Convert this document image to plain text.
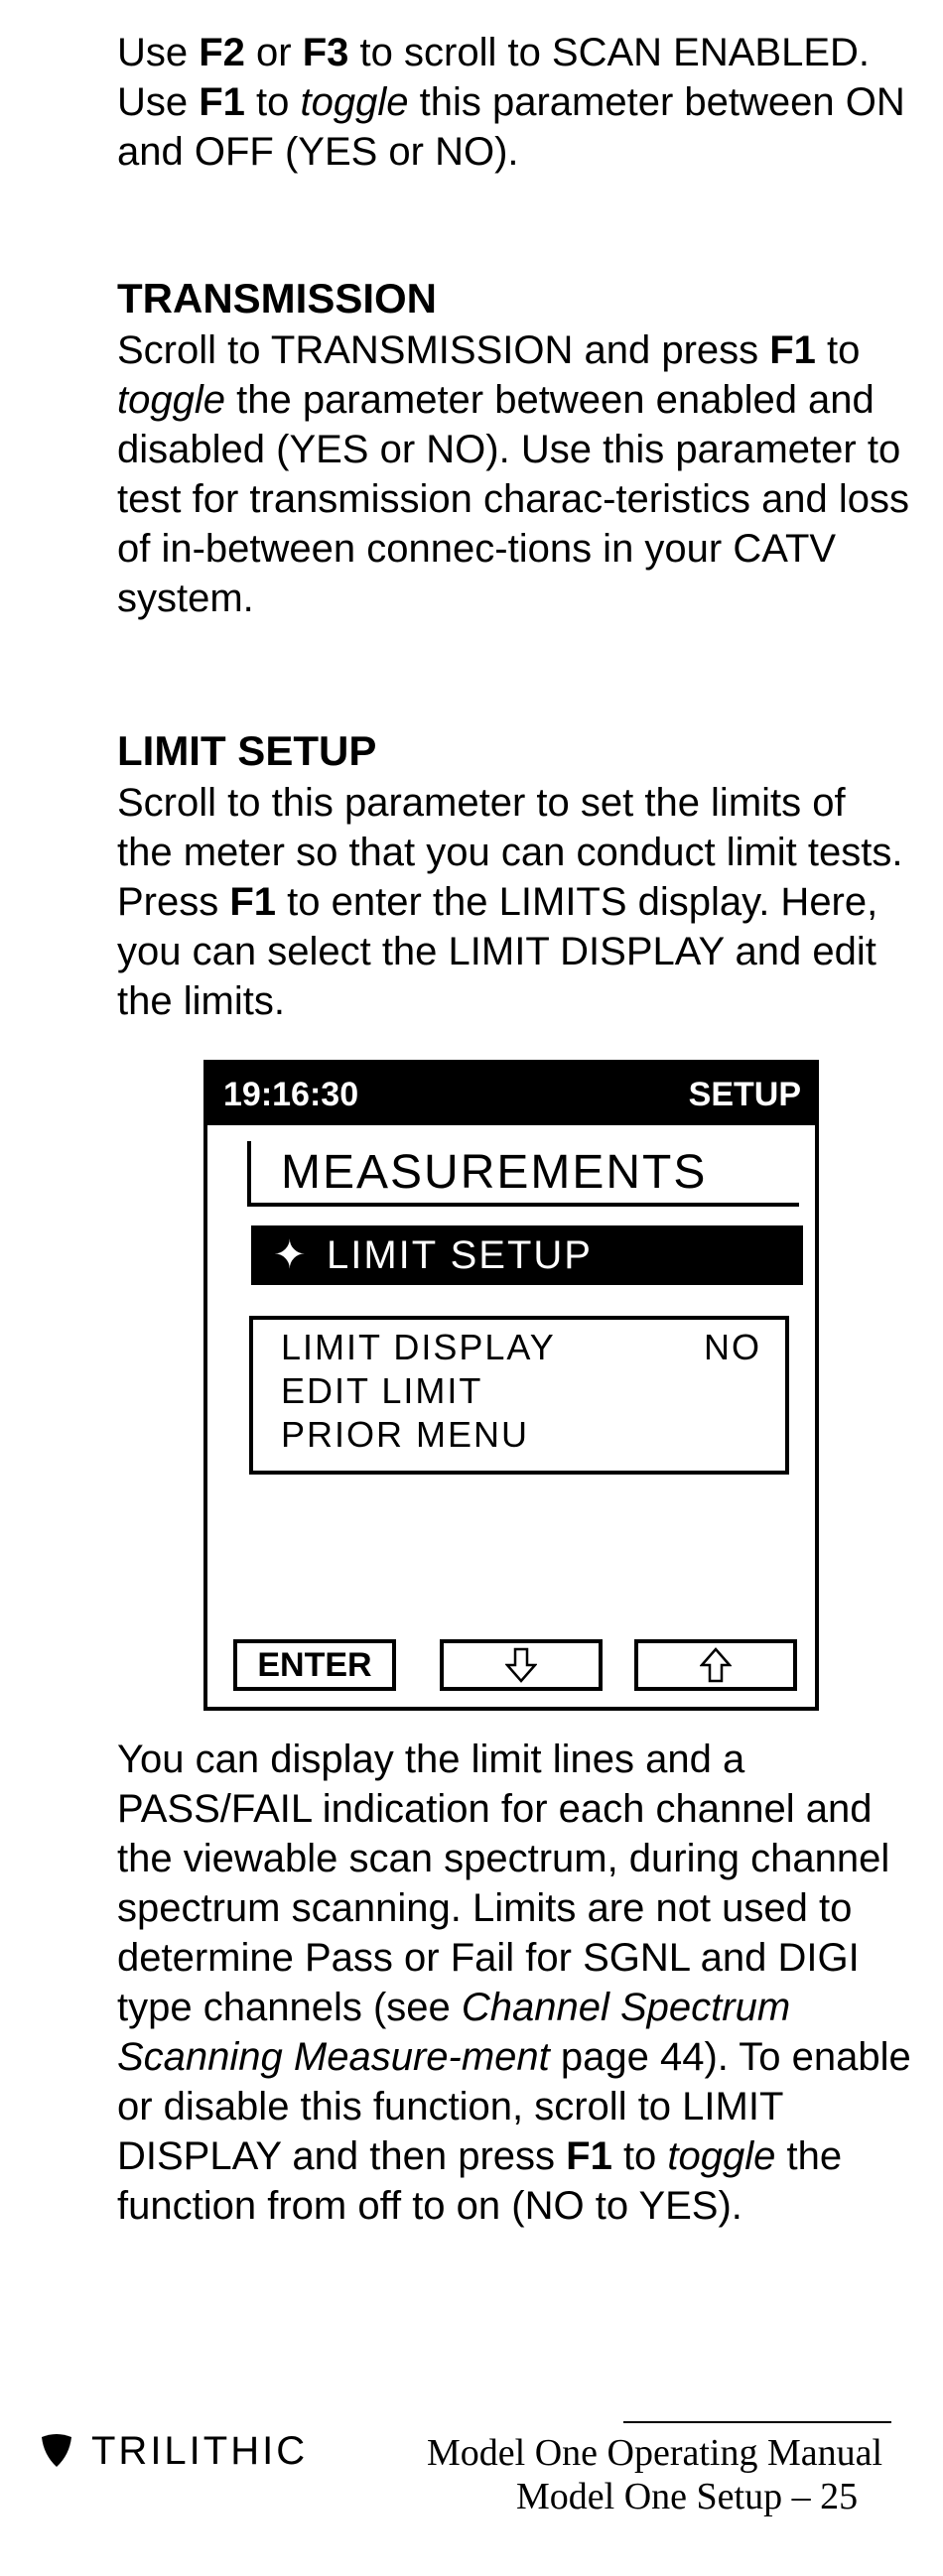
Use F2 or F3 to scroll to SCAN ENABLED. Use F1 to toggle this parameter between ON and OFF (YES or NO).

TRANSMISSION

Scroll to TRANSMISSION and press F1 to toggle the parameter between enabled and disabled (YES or NO). Use this parameter to test for transmission charac-teristics and loss of in-between connec-tions in your CATV system.

LIMIT SETUP

Scroll to this parameter to set the limits of the meter so that you can conduct limit tests. Press F1 to enter the LIMITS display. Here, you can select the LIMIT DISPLAY and edit the limits.

19:16:30	SETUP
MEASUREMENTS
✦ LIMIT SETUP
LIMIT DISPLAY	NO
EDIT LIMIT
PRIOR MENU
ENTER

You can display the limit lines and a PASS/FAIL indication for each channel and the viewable scan spectrum, during channel spectrum scanning. Limits are not used to determine Pass or Fail for SGNL and DIGI type channels (see Channel Spectrum Scanning Measure-ment page 44). To enable or disable this function, scroll to LIMIT DISPLAY and then press F1 to toggle the function from off to on (NO to YES).

TRILITHIC	Model One Operating Manual
Model One Setup – 25
